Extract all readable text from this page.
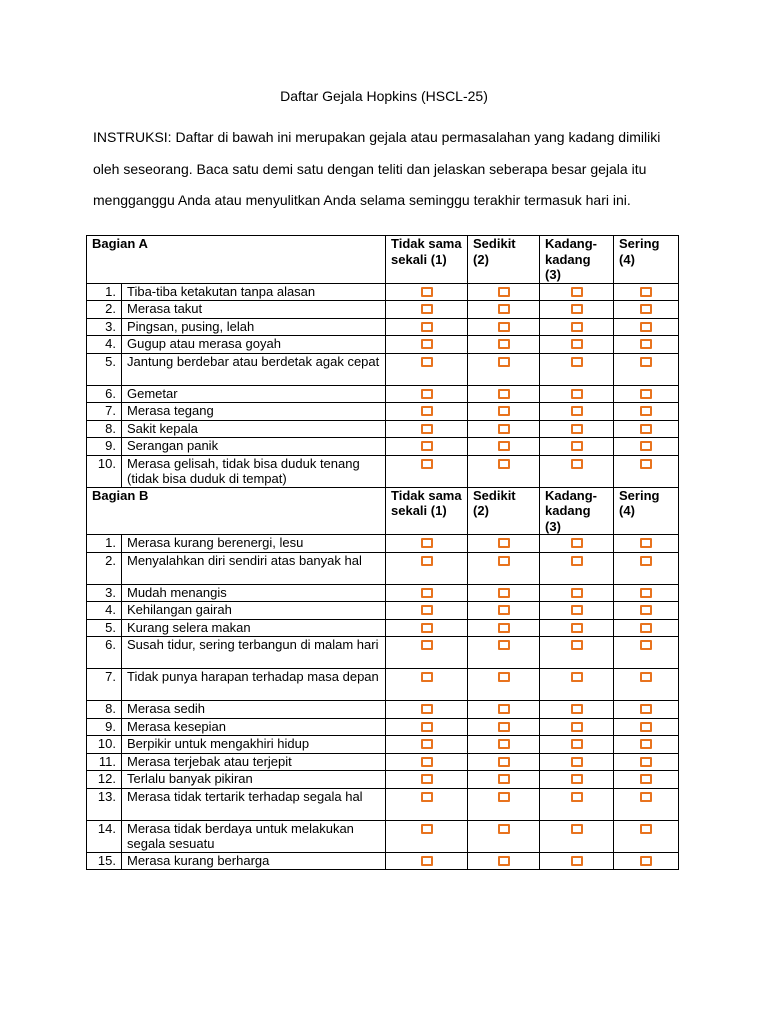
Daftar Gejala Hopkins (HSCL-25)
INSTRUKSI: Daftar di bawah ini merupakan gejala atau permasalahan yang kadang dimiliki
oleh seseorang. Baca satu demi satu dengan teliti dan jelaskan seberapa besar gejala itu
mengganggu Anda atau menyulitkan Anda selama seminggu terakhir termasuk hari ini.
Bagian A		Tidak sama sekali (1)	Sedikit (2)	Kadang-kadang (3)	Sering (4)
1.	Tiba-tiba ketakutan tanpa alasan				
2.	Merasa takut				
3.	Pingsan, pusing, lelah				
4.	Gugup atau merasa goyah				
5.	Jantung berdebar atau berdetak agak cepat				
6.	Gemetar				
7.	Merasa tegang				
8.	Sakit kepala				
9.	Serangan panik				
10.	Merasa gelisah, tidak bisa duduk tenang (tidak bisa duduk di tempat)				
Bagian B		Tidak sama sekali (1)	Sedikit (2)	Kadang-kadang (3)	Sering (4)
1.	Merasa kurang berenergi, lesu				
2.	Menyalahkan diri sendiri atas banyak hal				
3.	Mudah menangis				
4.	Kehilangan gairah				
5.	Kurang selera makan				
6.	Susah tidur, sering terbangun di malam hari				
7.	Tidak punya harapan terhadap masa depan				
8.	Merasa sedih				
9.	Merasa kesepian				
10.	Berpikir untuk mengakhiri hidup				
11.	Merasa terjebak atau terjepit				
12.	Terlalu banyak pikiran				
13.	Merasa tidak tertarik terhadap segala hal				
14.	Merasa tidak berdaya untuk melakukan segala sesuatu				
15.	Merasa kurang berharga				
